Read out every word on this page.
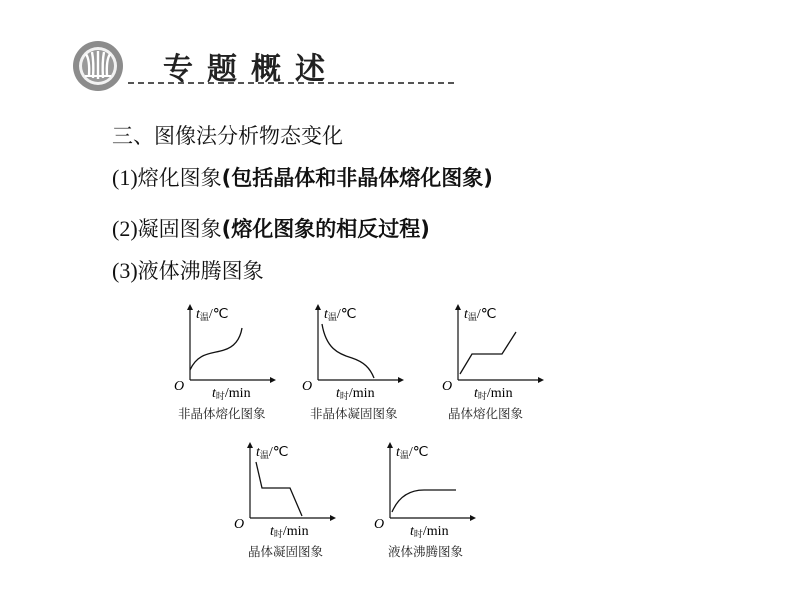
专题概述
三、图像法分析物态变化
(1)熔化图象(包括晶体和非晶体熔化图象)
(2)凝固图象(熔化图象的相反过程)
(3)液体沸腾图象
O
t温/℃
t时/min
非晶体熔化图象
O
t温/℃
t时/min
非晶体凝固图象
O
t温/℃
t时/min
晶体熔化图象
O
t温/℃
t时/min
晶体凝固图象
O
t温/℃
t时/min
液体沸腾图象
